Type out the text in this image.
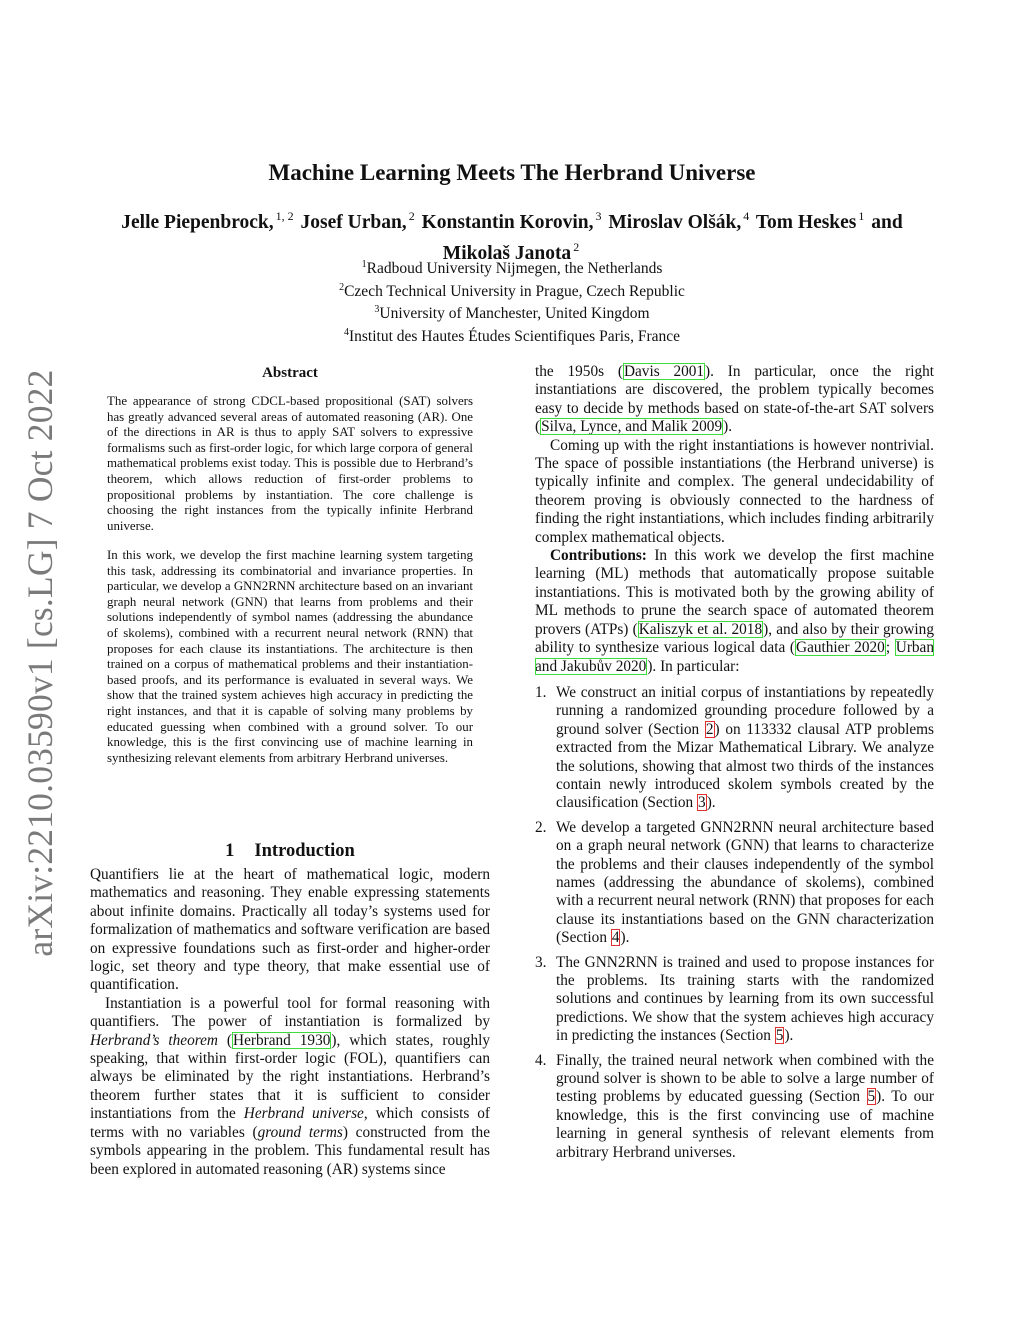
arXiv:2210.03590v1 [cs.LG] 7 Oct 2022
Machine Learning Meets The Herbrand Universe
Jelle Piepenbrock, $^{1, 2}$ Josef Urban, $^2$ Konstantin Korovin, $^3$ Miroslav Olšák, $^4$ Tom Heskes $^1$ and
Mikolaš Janota $^2$
$^1$Radboud University Nijmegen, the Netherlands
$^2$Czech Technical University in Prague, Czech Republic
$^3$University of Manchester, United Kingdom
$^4$Institut des Hautes Études Scientifiques Paris, France
Abstract
The appearance of strong CDCL-based propositional (SAT) solvers has greatly advanced several areas of automated reasoning (AR). One of the directions in AR is thus to apply SAT solvers to expressive formalisms such as first-order logic, for which large corpora of general mathematical problems exist today. This is possible due to Herbrand’s theorem, which allows reduction of first-order problems to propositional problems by instantiation. The core challenge is choosing the right instances from the typically infinite Herbrand universe.
In this work, we develop the first machine learning system targeting this task, addressing its combinatorial and invariance properties. In particular, we develop a GNN2RNN architecture based on an invariant graph neural network (GNN) that learns from problems and their solutions independently of symbol names (addressing the abundance of skolems), combined with a recurrent neural network (RNN) that proposes for each clause its instantiations. The architecture is then trained on a corpus of mathematical problems and their instantiation-based proofs, and its performance is evaluated in several ways. We show that the trained system achieves high accuracy in predicting the right instances, and that it is capable of solving many problems by educated guessing when combined with a ground solver. To our knowledge, this is the first convincing use of machine learning in synthesizing relevant elements from arbitrary Herbrand universes.
1 Introduction

Quantifiers lie at the heart of mathematical logic, modern mathematics and reasoning. They enable expressing statements about infinite domains. Practically all today’s systems used for formalization of mathematics and software verification are based on expressive foundations such as first-order and higher-order logic, set theory and type theory, that make essential use of quantification.

Instantiation is a powerful tool for formal reasoning with quantifiers. The power of instantiation is formalized by Herbrand’s theorem (Herbrand 1930), which states, roughly speaking, that within first-order logic (FOL), quantifiers can always be eliminated by the right instantiations. Herbrand’s theorem further states that it is sufficient to consider instantiations from the Herbrand universe, which consists of terms with no variables (ground terms) constructed from the symbols appearing in the problem. This fundamental result has been explored in automated reasoning (AR) systems since

the 1950s (Davis 2001). In particular, once the right instantiations are discovered, the problem typically becomes easy to decide by methods based on state-of-the-art SAT solvers (Silva, Lynce, and Malik 2009).

Coming up with the right instantiations is however nontrivial. The space of possible instantiations (the Herbrand universe) is typically infinite and complex. The general undecidability of theorem proving is obviously connected to the hardness of finding the right instantiations, which includes finding arbitrarily complex mathematical objects.

Contributions: In this work we develop the first machine learning (ML) methods that automatically propose suitable instantiations. This is motivated both by the growing ability of ML methods to prune the search space of automated theorem provers (ATPs) (Kaliszyk et al. 2018), and also by their growing ability to synthesize various logical data (Gauthier 2020; Urban and Jakubův 2020). In particular:

1. We construct an initial corpus of instantiations by repeatedly running a randomized grounding procedure followed by a ground solver (Section 2) on 113332 clausal ATP problems extracted from the Mizar Mathematical Library. We analyze the solutions, showing that almost two thirds of the instances contain newly introduced skolem symbols created by the clausification (Section 3).
2. We develop a targeted GNN2RNN neural architecture based on a graph neural network (GNN) that learns to characterize the problems and their clauses independently of the symbol names (addressing the abundance of skolems), combined with a recurrent neural network (RNN) that proposes for each clause its instantiations based on the GNN characterization (Section 4).
3. The GNN2RNN is trained and used to propose instances for the problems. Its training starts with the randomized solutions and continues by learning from its own successful predictions. We show that the system achieves high accuracy in predicting the instances (Section 5).
4. Finally, the trained neural network when combined with the ground solver is shown to be able to solve a large number of testing problems by educated guessing (Section 5). To our knowledge, this is the first convincing use of machine learning in general synthesis of relevant elements from arbitrary Herbrand universes.
